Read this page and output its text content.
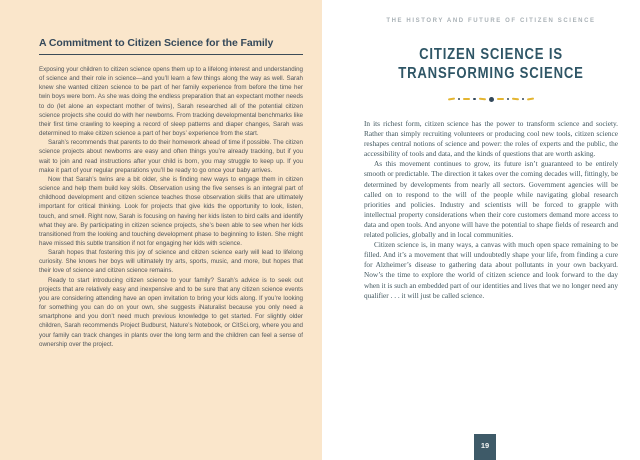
A Commitment to Citizen Science for the Family

Exposing your children to citizen science opens them up to a lifelong interest and understanding of science and their role in science—and you’ll learn a few things along the way as well. Sarah knew she wanted citizen science to be part of her family experience from before the time her twin boys were born. As she was doing the endless preparation that an expectant mother needs to do (let alone an expectant mother of twins), Sarah researched all of the potential citizen science projects she could do with her newborns. From tracking developmental benchmarks like their first time crawling to keeping a record of sleep patterns and diaper changes, Sarah was determined to make citizen science a part of her boys’ experience from the start.

Sarah’s recommends that parents to do their homework ahead of time if possible. The citizen science projects about newborns are easy and often things you’re already tracking, but if you wait to join and read instructions after your child is born, you may struggle to keep up. If you make it part of your regular preparations you’ll be ready to go once your baby arrives.

Now that Sarah’s twins are a bit older, she is finding new ways to engage them in citizen science and help them build key skills. Observation using the five senses is an integral part of childhood development and citizen science teaches those observation skills that are ultimately important for critical thinking. Look for projects that give kids the opportunity to look, listen, touch, and smell. Right now, Sarah is focusing on having her kids listen to bird calls and identify what they are. By participating in citizen science projects, she’s been able to see when her kids transitioned from the looking and touching development phase to beginning to listen. She might have missed this subtle transition if not for engaging her kids with science.

Sarah hopes that fostering this joy of science and citizen science early will lead to lifelong curiosity. She knows her boys will ultimately try arts, sports, music, and more, but hopes that their love of science and citizen science remains.

Ready to start introducing citizen science to your family? Sarah’s advice is to seek out projects that are relatively easy and inexpensive and to be sure that any citizen science events you are considering attending have an open invitation to bring your kids along. If you’re looking for something you can do on your own, she suggests iNaturalist because you only need a smartphone and you don’t need much previous knowledge to get started. For slightly older children, Sarah recommends Project Budburst, Nature’s Notebook, or CitSci.org, where you and your family can track changes in plants over the long term and the children can feel a sense of ownership over the project.

THE HISTORY AND FUTURE OF CITIZEN SCIENCE
CITIZEN SCIENCE IS
TRANSFORMING SCIENCE

In its richest form, citizen science has the power to transform science and society. Rather than simply recruiting volunteers or producing cool new tools, citizen science reshapes central notions of science and power: the roles of experts and the public, the accessibility of tools and data, and the kinds of questions that are worth asking.

As this movement continues to grow, its future isn’t guaranteed to be entirely smooth or predictable. The direction it takes over the coming decades will, fittingly, be determined by developments from nearly all sectors. Government agencies will be called on to respond to the will of the people while navigating global research priorities and policies. Industry and scientists will be forced to grapple with intellectual property considerations when their core customers demand more access to data and open tools. And anyone will have the potential to shape fields of research and related policies, globally and in local communities.

Citizen science is, in many ways, a canvas with much open space remaining to be filled. And it’s a movement that will undoubtedly shape your life, from finding a cure for Alzheimer’s disease to gathering data about pollutants in your own backyard. Now’s the time to explore the world of citizen science and look forward to the day when it is such an embedded part of our identities and lives that we no longer need any qualifier . . . it will just be called science.

19
